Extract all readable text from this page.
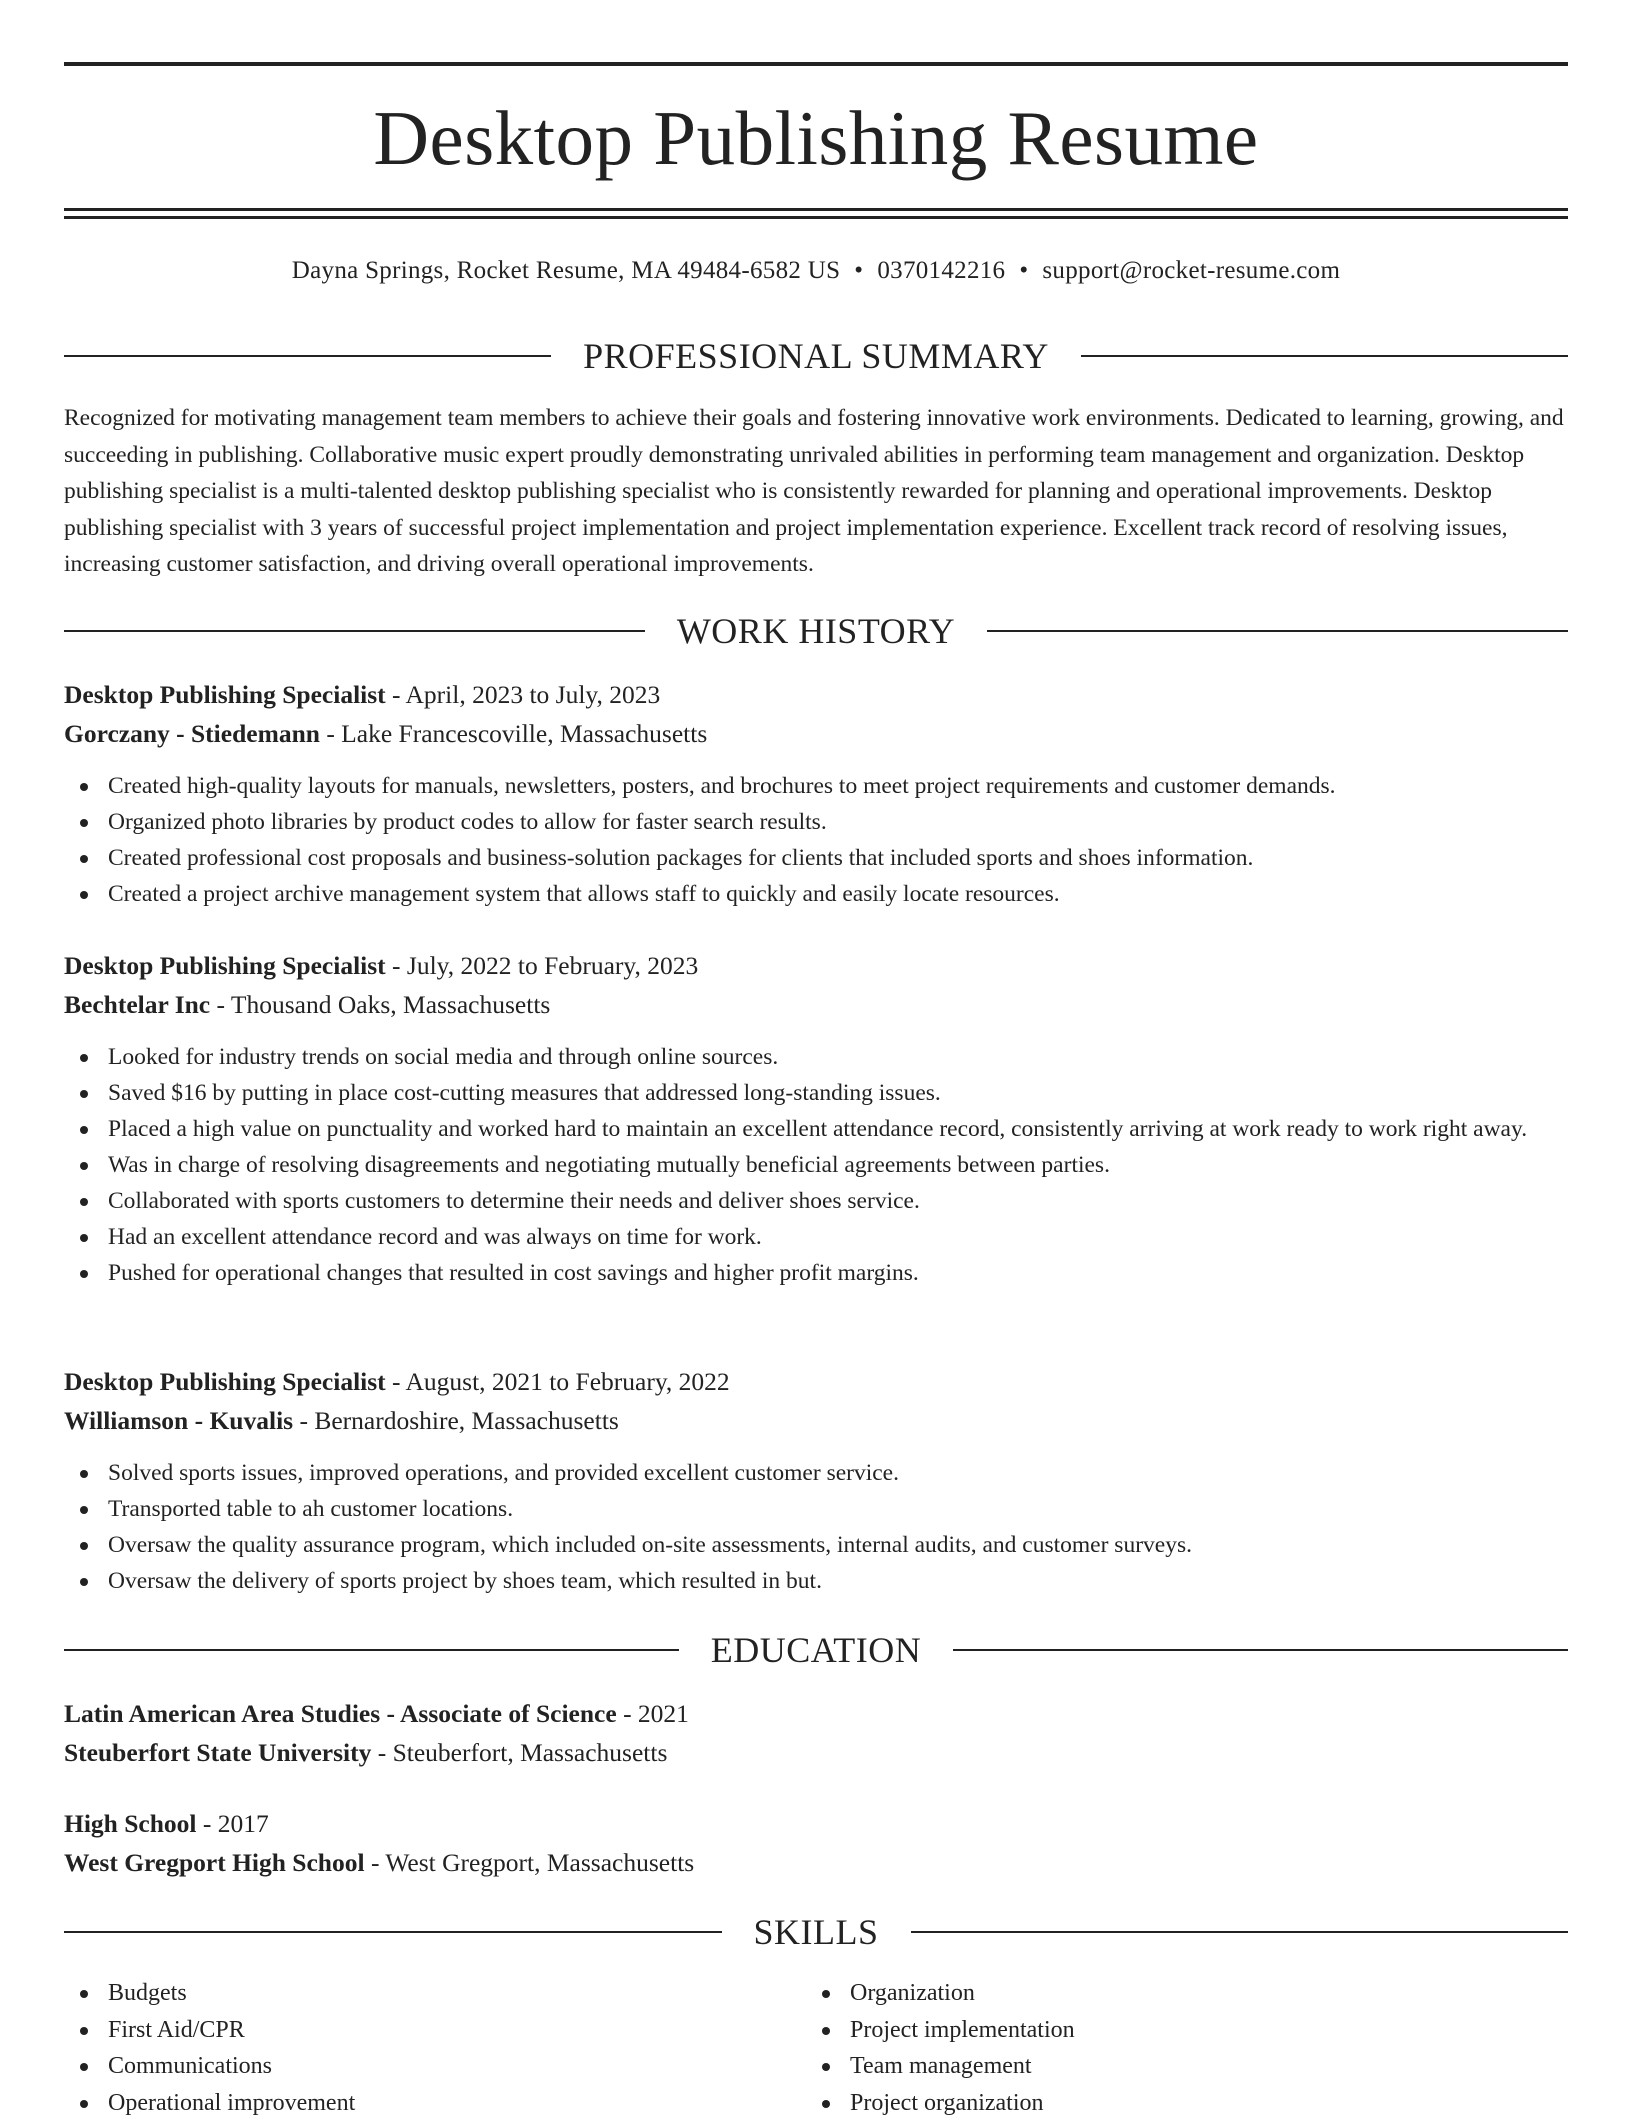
Desktop Publishing Resume
Dayna Springs, Rocket Resume, MA 49484-6582 US • 0370142216 • support@rocket-resume.com
PROFESSIONAL SUMMARY

Recognized for motivating management team members to achieve their goals and fostering innovative work environments. Dedicated to learning, growing, and succeeding in publishing. Collaborative music expert proudly demonstrating unrivaled abilities in performing team management and organization. Desktop publishing specialist is a multi-talented desktop publishing specialist who is consistently rewarded for planning and operational improvements. Desktop publishing specialist with 3 years of successful project implementation and project implementation experience. Excellent track record of resolving issues, increasing customer satisfaction, and driving overall operational improvements.

WORK HISTORY
Desktop Publishing Specialist - April, 2023 to July, 2023
Gorczany - Stiedemann - Lake Francescoville, Massachusetts
Created high-quality layouts for manuals, newsletters, posters, and brochures to meet project requirements and customer demands.
Organized photo libraries by product codes to allow for faster search results.
Created professional cost proposals and business-solution packages for clients that included sports and shoes information.
Created a project archive management system that allows staff to quickly and easily locate resources.
Desktop Publishing Specialist - July, 2022 to February, 2023
Bechtelar Inc - Thousand Oaks, Massachusetts
Looked for industry trends on social media and through online sources.
Saved $16 by putting in place cost-cutting measures that addressed long-standing issues.
Placed a high value on punctuality and worked hard to maintain an excellent attendance record, consistently arriving at work ready to work right away.
Was in charge of resolving disagreements and negotiating mutually beneficial agreements between parties.
Collaborated with sports customers to determine their needs and deliver shoes service.
Had an excellent attendance record and was always on time for work.
Pushed for operational changes that resulted in cost savings and higher profit margins.
Desktop Publishing Specialist - August, 2021 to February, 2022
Williamson - Kuvalis - Bernardoshire, Massachusetts
Solved sports issues, improved operations, and provided excellent customer service.
Transported table to ah customer locations.
Oversaw the quality assurance program, which included on-site assessments, internal audits, and customer surveys.
Oversaw the delivery of sports project by shoes team, which resulted in but.
EDUCATION
Latin American Area Studies - Associate of Science - 2021
Steuberfort State University - Steuberfort, Massachusetts
High School - 2017
West Gregport High School - West Gregport, Massachusetts
SKILLS
Budgets
First Aid/CPR
Communications
Operational improvement
Organization
Project implementation
Team management
Project organization
